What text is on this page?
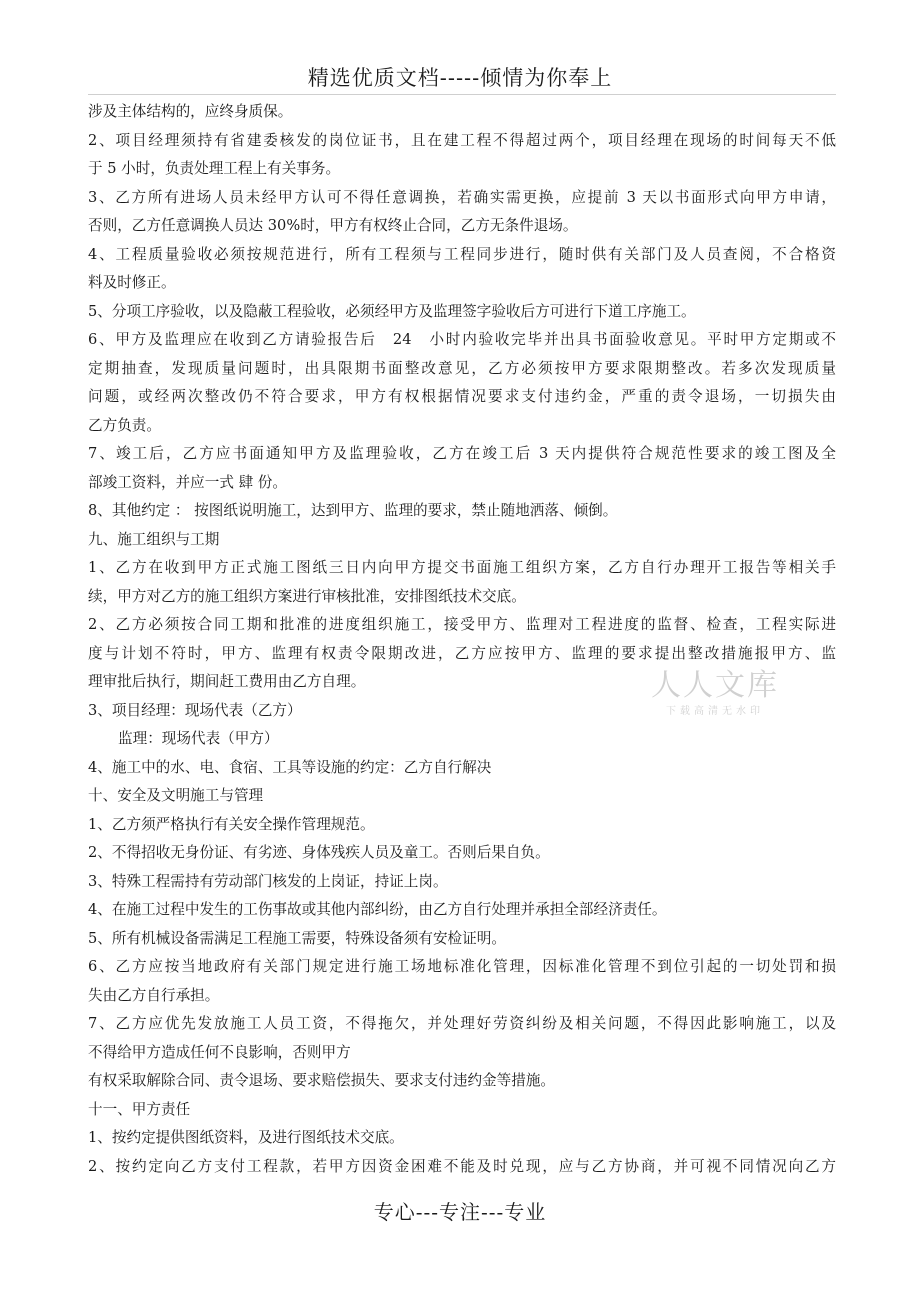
精选优质文档-----倾情为你奉上
涉及主体结构的，应终身质保。
2、项目经理须持有省建委核发的岗位证书，且在建工程不得超过两个，项目经理在现场的时间每天不低
于 5 小时，负责处理工程上有关事务。
3、乙方所有进场人员未经甲方认可不得任意调换，若确实需更换，应提前 3 天以书面形式向甲方申请，
否则，乙方任意调换人员达 30%时，甲方有权终止合同，乙方无条件退场。
4、工程质量验收必须按规范进行，所有工程须与工程同步进行，随时供有关部门及人员查阅，不合格资
料及时修正。
5、分项工序验收，以及隐蔽工程验收，必须经甲方及监理签字验收后方可进行下道工序施工。
6、甲方及监理应在收到乙方请验报告后　24　小时内验收完毕并出具书面验收意见。平时甲方定期或不
定期抽查，发现质量问题时，出具限期书面整改意见，乙方必须按甲方要求限期整改。若多次发现质量
问题，或经两次整改仍不符合要求，甲方有权根据情况要求支付违约金，严重的责令退场，一切损失由
乙方负责。
7、竣工后，乙方应书面通知甲方及监理验收，乙方在竣工后 3 天内提供符合规范性要求的竣工图及全
部竣工资料，并应一式 肆 份。
8、其他约定 ： 按图纸说明施工，达到甲方、监理的要求，禁止随地洒落、倾倒。
九、施工组织与工期
1、乙方在收到甲方正式施工图纸三日内向甲方提交书面施工组织方案，乙方自行办理开工报告等相关手
续，甲方对乙方的施工组织方案进行审核批准，安排图纸技术交底。
2、乙方必须按合同工期和批准的进度组织施工，接受甲方、监理对工程进度的监督、检查，工程实际进
度与计划不符时，甲方、监理有权责令限期改进，乙方应按甲方、监理的要求提出整改措施报甲方、监
理审批后执行，期间赶工费用由乙方自理。
3、项目经理：现场代表（乙方）
监理：现场代表（甲方）
4、施工中的水、电、食宿、工具等设施的约定：乙方自行解决
十、安全及文明施工与管理
1、乙方须严格执行有关安全操作管理规范。
2、不得招收无身份证、有劣迹、身体残疾人员及童工。否则后果自负。
3、特殊工程需持有劳动部门核发的上岗证，持证上岗。
4、在施工过程中发生的工伤事故或其他内部纠纷，由乙方自行处理并承担全部经济责任。
5、所有机械设备需满足工程施工需要，特殊设备须有安检证明。
6、乙方应按当地政府有关部门规定进行施工场地标准化管理，因标准化管理不到位引起的一切处罚和损
失由乙方自行承担。
7、乙方应优先发放施工人员工资，不得拖欠，并处理好劳资纠纷及相关问题，不得因此影响施工，以及
不得给甲方造成任何不良影响，否则甲方
有权采取解除合同、责令退场、要求赔偿损失、要求支付违约金等措施。
十一、甲方责任
1、按约定提供图纸资料，及进行图纸技术交底。
2、按约定向乙方支付工程款，若甲方因资金困难不能及时兑现，应与乙方协商，并可视不同情况向乙方
人人文库
下载高清无水印
专心---专注---专业
